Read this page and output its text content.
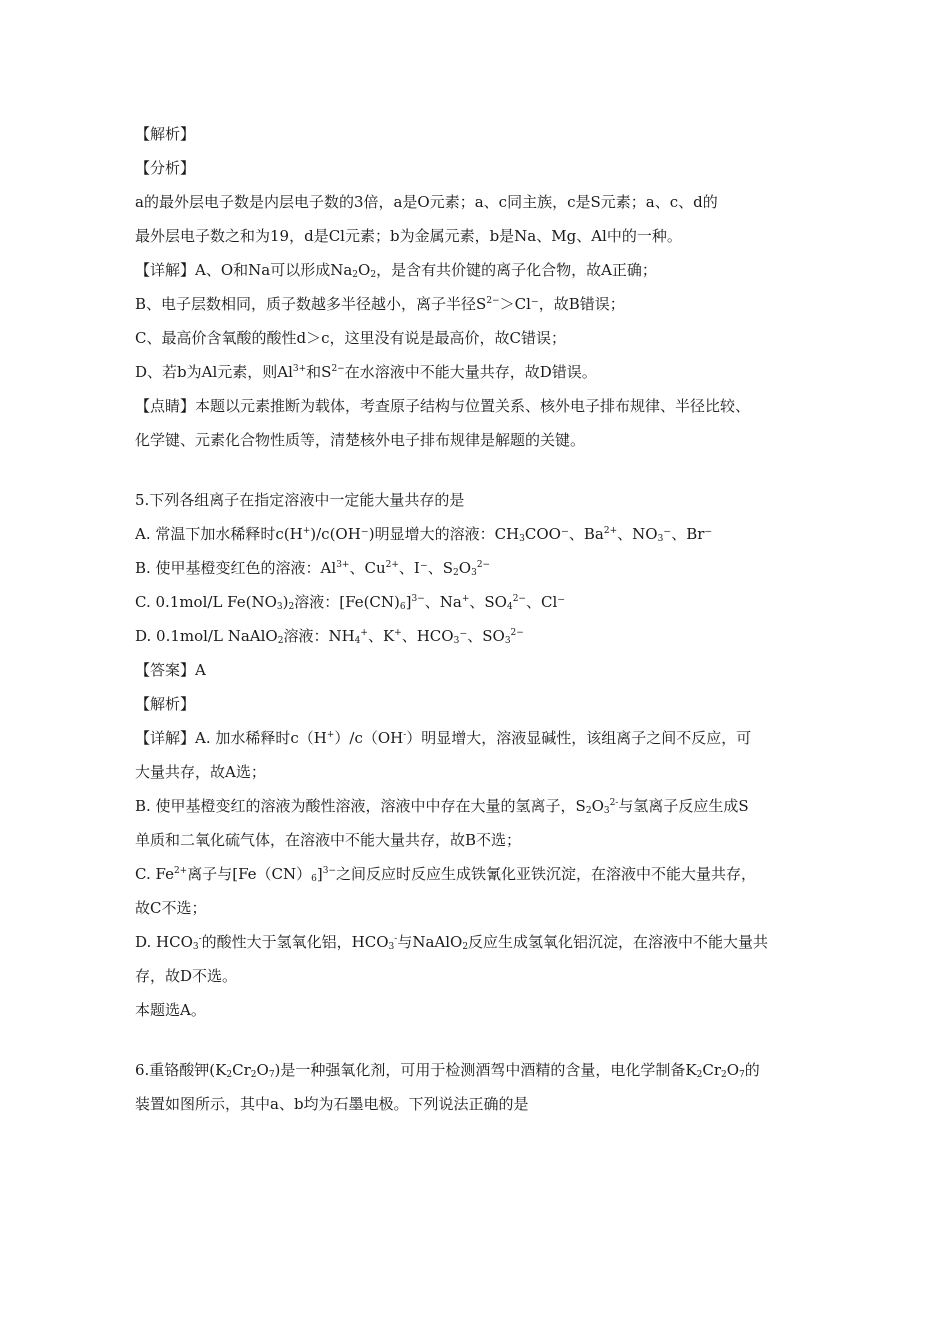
【解析】
【分析】
a的最外层电子数是内层电子数的3倍，a是O元素；a、c同主族，c是S元素；a、c、d的
最外层电子数之和为19，d是Cl元素；b为金属元素，b是Na、Mg、Al中的一种。
【详解】A、O和Na可以形成$Na_2O_2$，是含有共价键的离子化合物，故A正确；
B、电子层数相同，质子数越多半径越小，离子半径$S^{2-}>Cl^-$，故B错误；
C、最高价含氧酸的酸性d＞c，这里没有说是最高价，故C错误；
D、若b为Al元素，则$Al^{3+}$和$S^{2-}$在水溶液中不能大量共存，故D错误。
【点睛】本题以元素推断为载体，考查原子结构与位置关系、核外电子排布规律、半径比较、
化学键、元素化合物性质等，清楚核外电子排布规律是解题的关键。
5.下列各组离子在指定溶液中一定能大量共存的是
A. 常温下加水稀释时c(H+)/c(OH⁻)明显增大的溶液：$CH_3COO^-$、$Ba^{2+}$、$NO_3^-$、Br⁻
B. 使甲基橙变红色的溶液：$Al^{3+}$、$Cu^{2+}$、I⁻、$S_2O_3^{2-}$
C. 0.1mol/L $Fe(NO_3)_2$溶液：$[Fe(CN)_6]^{3-}$、Na+、$SO_4^{2-}$、Cl⁻
D. 0.1mol/L NaAlO$_2$溶液：$NH_4^+$、K+、$HCO_3^-$、$SO_3^{2-}$
【答案】A
【解析】
【详解】A. 加水稀释时c（H+）/c（OH-）明显增大，溶液显碱性，该组离子之间不反应，可
大量共存，故A选；
B. 使甲基橙变红的溶液为酸性溶液，溶液中中存在大量的氢离子，$S_2O_3^{2-}$与氢离子反应生成S
单质和二氧化硫气体，在溶液中不能大量共存，故B不选；
C. $Fe^{2+}$离子与$[Fe(CN)_6]^{3-}$之间反应时反应生成铁氰化亚铁沉淀，在溶液中不能大量共存，
故C不选；
D. $HCO_3^-$的酸性大于氢氧化铝，$HCO_3^-$与NaAlO$_2$反应生成氢氧化铝沉淀，在溶液中不能大量共
存，故D不选。
本题选A。
6.重铬酸钾$(K_2Cr_2O_7)$是一种强氧化剂，可用于检测酒驾中酒精的含量，电化学制备$K_2Cr_2O_7$的
装置如图所示，其中a、b均为石墨电极。下列说法正确的是
